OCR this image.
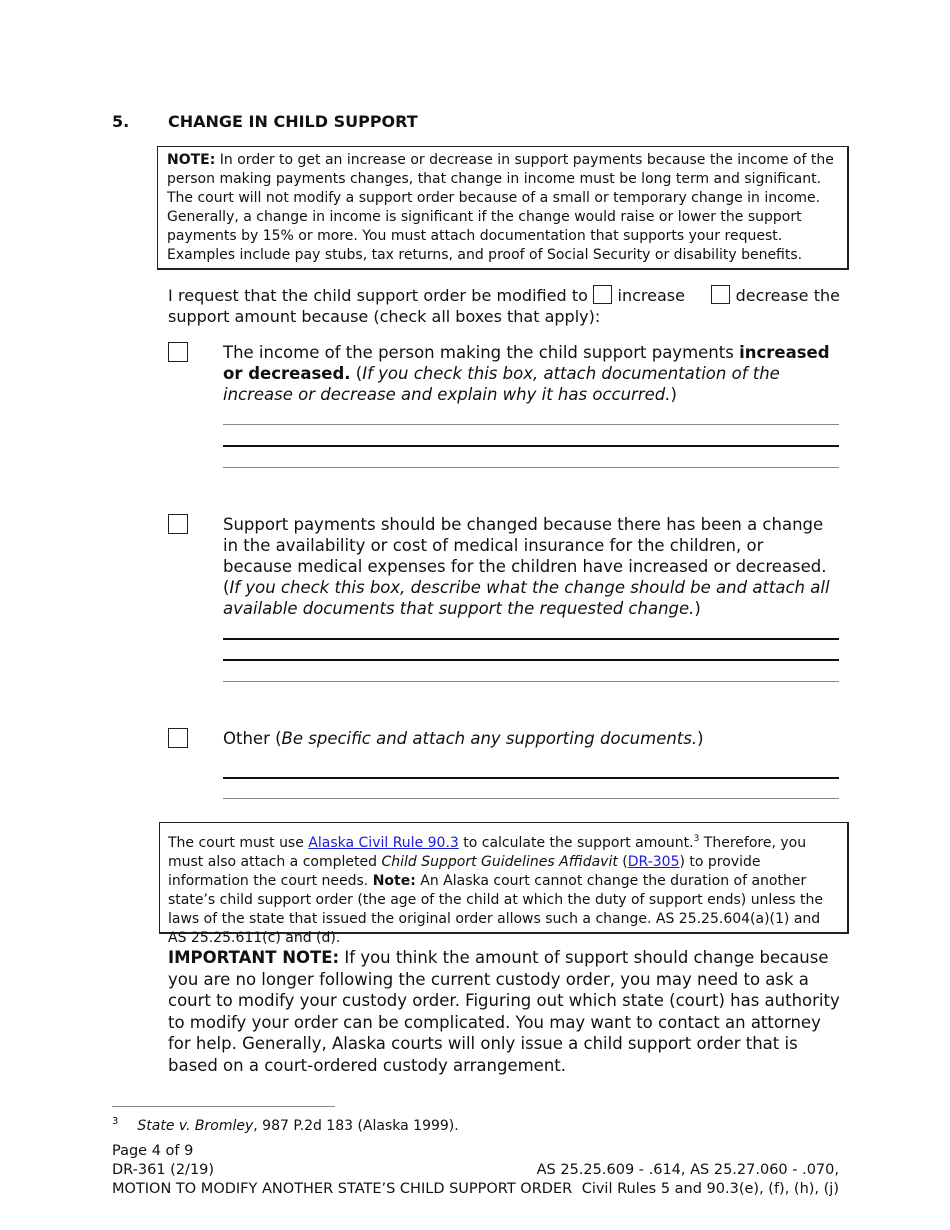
5. CHANGE IN CHILD SUPPORT
NOTE: In order to get an increase or decrease in support payments because the income of the person making payments changes, that change in income must be long term and significant. The court will not modify a support order because of a small or temporary change in income. Generally, a change in income is significant if the change would raise or lower the support payments by 15% or more. You must attach documentation that supports your request. Examples include pay stubs, tax returns, and proof of Social Security or disability benefits.
I request that the child support order be modified to  increase	decrease the support amount because (check all boxes that apply):
The income of the person making the child support payments increased or decreased. (If you check this box, attach documentation of the increase or decrease and explain why it has occurred.)
Support payments should be changed because there has been a change in the availability or cost of medical insurance for the children, or because medical expenses for the children have increased or decreased. (If you check this box, describe what the change should be and attach all available documents that support the requested change.)
Other (Be specific and attach any supporting documents.)
The court must use Alaska Civil Rule 90.3 to calculate the support amount.$^3$ Therefore, you must also attach a completed Child Support Guidelines Affidavit (DR-305) to provide information the court needs. Note: An Alaska court cannot change the duration of another state’s child support order (the age of the child at which the duty of support ends) unless the laws of the state that issued the original order allows such a change. AS 25.25.604(a)(1) and AS 25.25.611(c) and (d).
IMPORTANT NOTE: If you think the amount of support should change because you are no longer following the current custody order, you may need to ask a court to modify your custody order. Figuring out which state (court) has authority to modify your order can be complicated. You may want to contact an attorney for help. Generally, Alaska courts will only issue a child support order that is based on a court-ordered custody arrangement.
$^3$ State v. Bromley, 987 P.2d 183 (Alaska 1999).
Page 4 of 9
DR-361 (2/19)
MOTION TO MODIFY ANOTHER STATE’S CHILD SUPPORT ORDER
AS 25.25.609 - .614, AS 25.27.060 - .070,
Civil Rules 5 and 90.3(e), (f), (h), (j)
